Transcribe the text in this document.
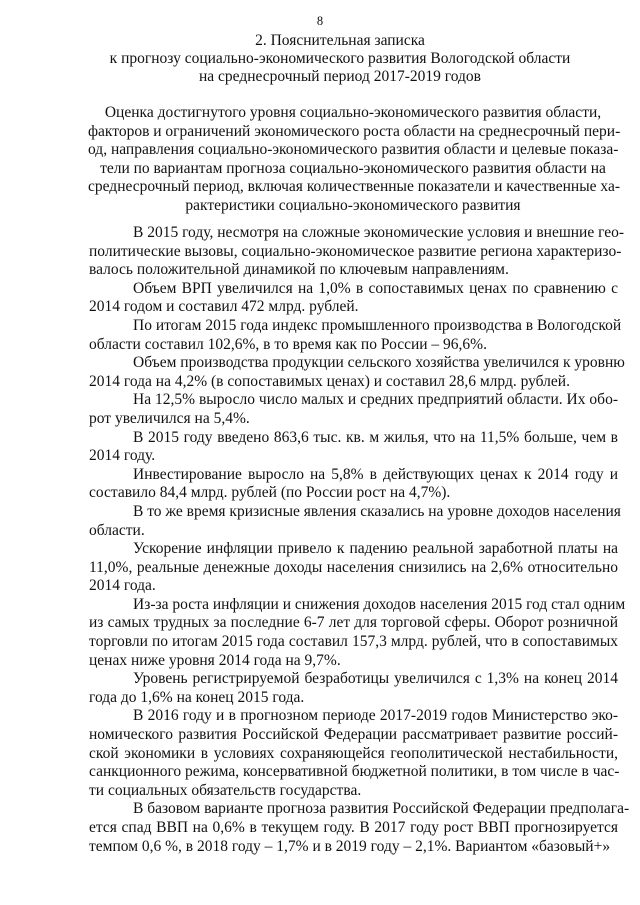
8
2. Пояснительная записка
к прогнозу социально-экономического развития Вологодской области
на среднесрочный период 2017-2019 годов
Оценка достигнутого уровня социально-экономического развития области,
факторов и ограничений экономического роста области на среднесрочный пери-
од, направления социально-экономического развития области и целевые показа-
тели по вариантам прогноза социально-экономического развития области на
среднесрочный период, включая количественные показатели и качественные ха-
рактеристики социально-экономического развития
В 2015 году, несмотря на сложные экономические условия и внешние гео-
политические вызовы, социально-экономическое развитие региона характеризо-
валось положительной динамикой по ключевым направлениям.
Объем ВРП увеличился на 1,0% в сопоставимых ценах по сравнению с
2014 годом и составил 472 млрд. рублей.
По итогам 2015 года индекс промышленного производства в Вологодской
области составил 102,6%, в то время как по России – 96,6%.
Объем производства продукции сельского хозяйства увеличился к уровню
2014 года на 4,2% (в сопоставимых ценах) и составил 28,6 млрд. рублей.
На 12,5% выросло число малых и средних предприятий области. Их обо-
рот увеличился на 5,4%.
В 2015 году введено 863,6 тыс. кв. м жилья, что на 11,5% больше, чем в
2014 году.
Инвестирование выросло на 5,8% в действующих ценах к 2014 году и
составило 84,4 млрд. рублей (по России рост на 4,7%).
В то же время кризисные явления сказались на уровне доходов населения
области.
Ускорение инфляции привело к падению реальной заработной платы на
11,0%, реальные денежные доходы населения снизились на 2,6% относительно
2014 года.
Из-за роста инфляции и снижения доходов населения 2015 год стал одним
из самых трудных за последние 6-7 лет для торговой сферы. Оборот розничной
торговли по итогам 2015 года составил 157,3 млрд. рублей, что в сопоставимых
ценах ниже уровня 2014 года на 9,7%.
Уровень регистрируемой безработицы увеличился с 1,3% на конец 2014
года до 1,6% на конец 2015 года.
В 2016 году и в прогнозном периоде 2017-2019 годов Министерство эко-
номического развития Российской Федерации рассматривает развитие россий-
ской экономики в условиях сохраняющейся геополитической нестабильности,
санкционного режима, консервативной бюджетной политики, в том числе в час-
ти социальных обязательств государства.
В базовом варианте прогноза развития Российской Федерации предполага-
ется спад ВВП на 0,6% в текущем году. В 2017 году рост ВВП прогнозируется
темпом 0,6 %, в 2018 году – 1,7% и в 2019 году – 2,1%. Вариантом «базовый+»
